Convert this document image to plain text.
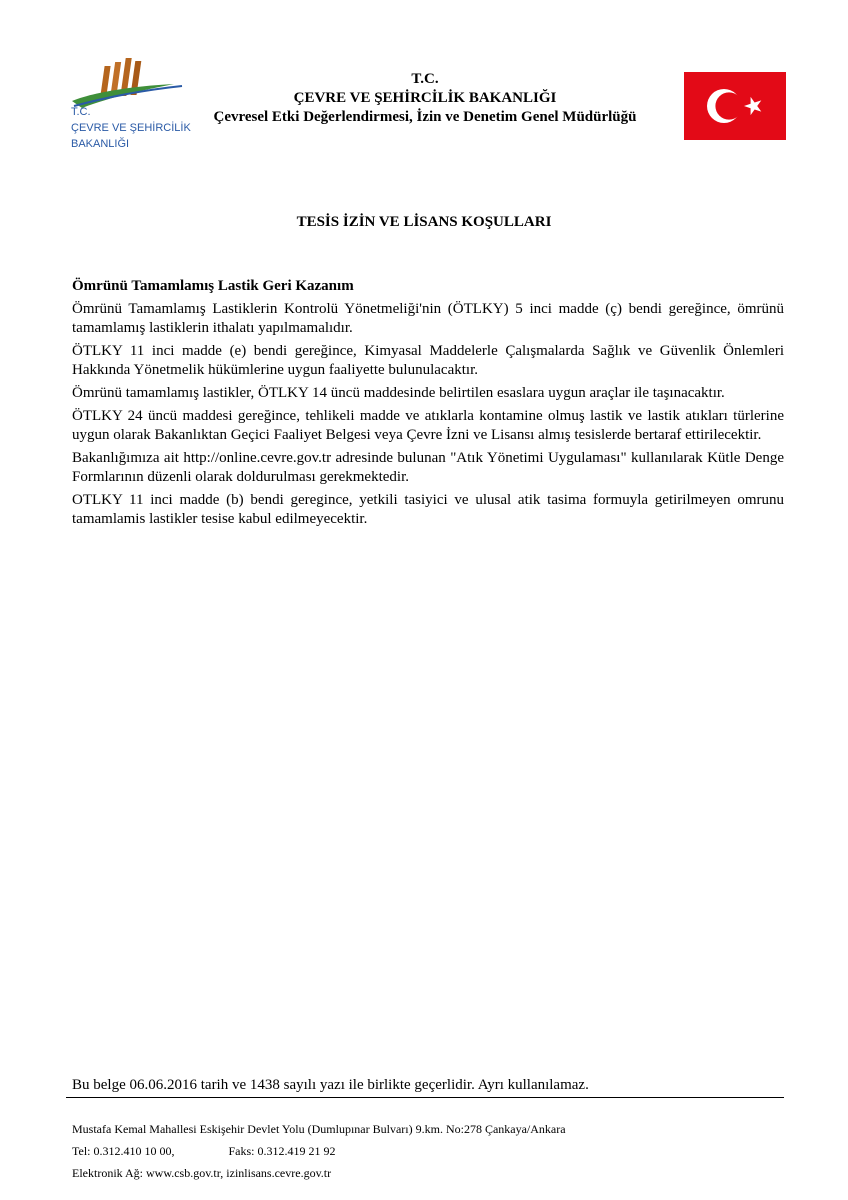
T.C.
ÇEVRE VE ŞEHİRCİLİK
BAKANLIĞI
T.C.
ÇEVRE VE ŞEHİRCİLİK BAKANLIĞI
Çevresel Etki Değerlendirmesi, İzin ve Denetim Genel Müdürlüğü
TESİS İZİN VE LİSANS KOŞULLARI

Ömrünü Tamamlamış Lastik Geri Kazanım

Ömrünü Tamamlamış Lastiklerin Kontrolü Yönetmeliği'nin (ÖTLKY) 5 inci madde (ç) bendi gereğince, ömrünü tamamlamış lastiklerin ithalatı yapılmamalıdır.

ÖTLKY 11 inci madde (e) bendi gereğince, Kimyasal Maddelerle Çalışmalarda Sağlık ve Güvenlik Önlemleri Hakkında Yönetmelik hükümlerine uygun faaliyette bulunulacaktır.

Ömrünü tamamlamış lastikler, ÖTLKY 14 üncü maddesinde belirtilen esaslara uygun araçlar ile taşınacaktır.

ÖTLKY 24 üncü maddesi gereğince, tehlikeli madde ve atıklarla kontamine olmuş lastik ve lastik atıkları türlerine uygun olarak Bakanlıktan Geçici Faaliyet Belgesi veya Çevre İzni ve Lisansı almış tesislerde bertaraf ettirilecektir.

Bakanlığımıza ait http://online.cevre.gov.tr adresinde bulunan "Atık Yönetimi Uygulaması" kullanılarak Kütle Denge Formlarının düzenli olarak doldurulması gerekmektedir.

OTLKY 11 inci madde (b) bendi geregince, yetkili tasiyici ve ulusal atik tasima formuyla getirilmeyen omrunu tamamlamis lastikler tesise kabul edilmeyecektir.

Bu belge 06.06.2016 tarih ve 1438 sayılı yazı ile birlikte geçerlidir. Ayrı kullanılamaz.
Mustafa Kemal Mahallesi Eskişehir Devlet Yolu (Dumlupınar Bulvarı) 9.km. No:278 Çankaya/Ankara
Tel: 0.312.410 10 00,                  Faks: 0.312.419 21 92
Elektronik Ağ: www.csb.gov.tr, izinlisans.cevre.gov.tr
